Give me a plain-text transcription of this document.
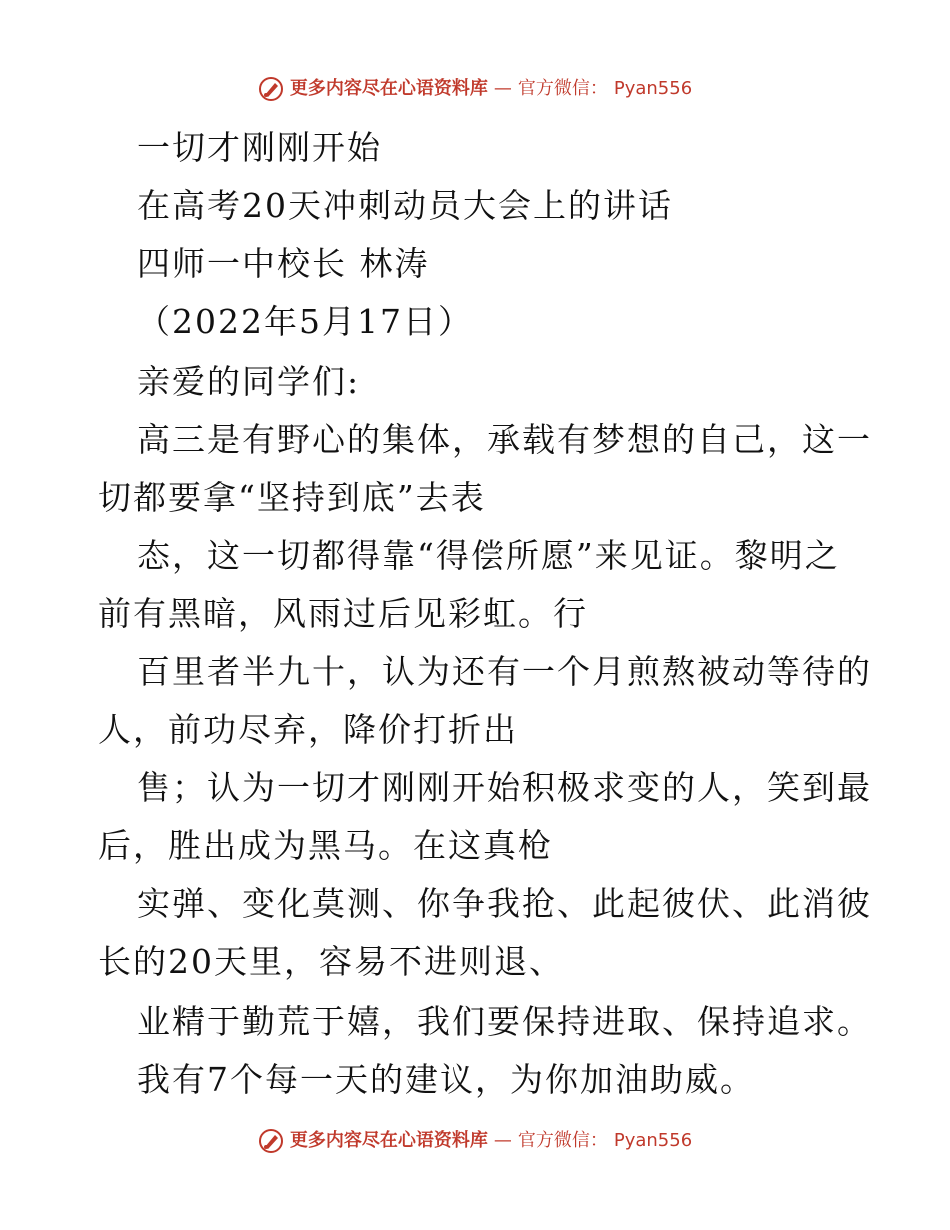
更多内容尽在心语资料库 — 官方微信： Pyan556
一切才刚刚开始
在高考20天冲刺动员大会上的讲话
四师一中校长 林涛
（2022年5月17日）
亲爱的同学们:
高三是有野心的集体，承载有梦想的自己，这一
切都要拿“坚持到底”去表
态，这一切都得靠“得偿所愿”来见证。黎明之
前有黑暗，风雨过后见彩虹。行
百里者半九十，认为还有一个月煎熬被动等待的
人，前功尽弃，降价打折出
售；认为一切才刚刚开始积极求变的人，笑到最
后，胜出成为黑马。在这真枪
实弹、变化莫测、你争我抢、此起彼伏、此消彼
长的20天里，容易不进则退、
业精于勤荒于嬉，我们要保持进取、保持追求。
我有7个每一天的建议，为你加油助威。
更多内容尽在心语资料库 — 官方微信： Pyan556
